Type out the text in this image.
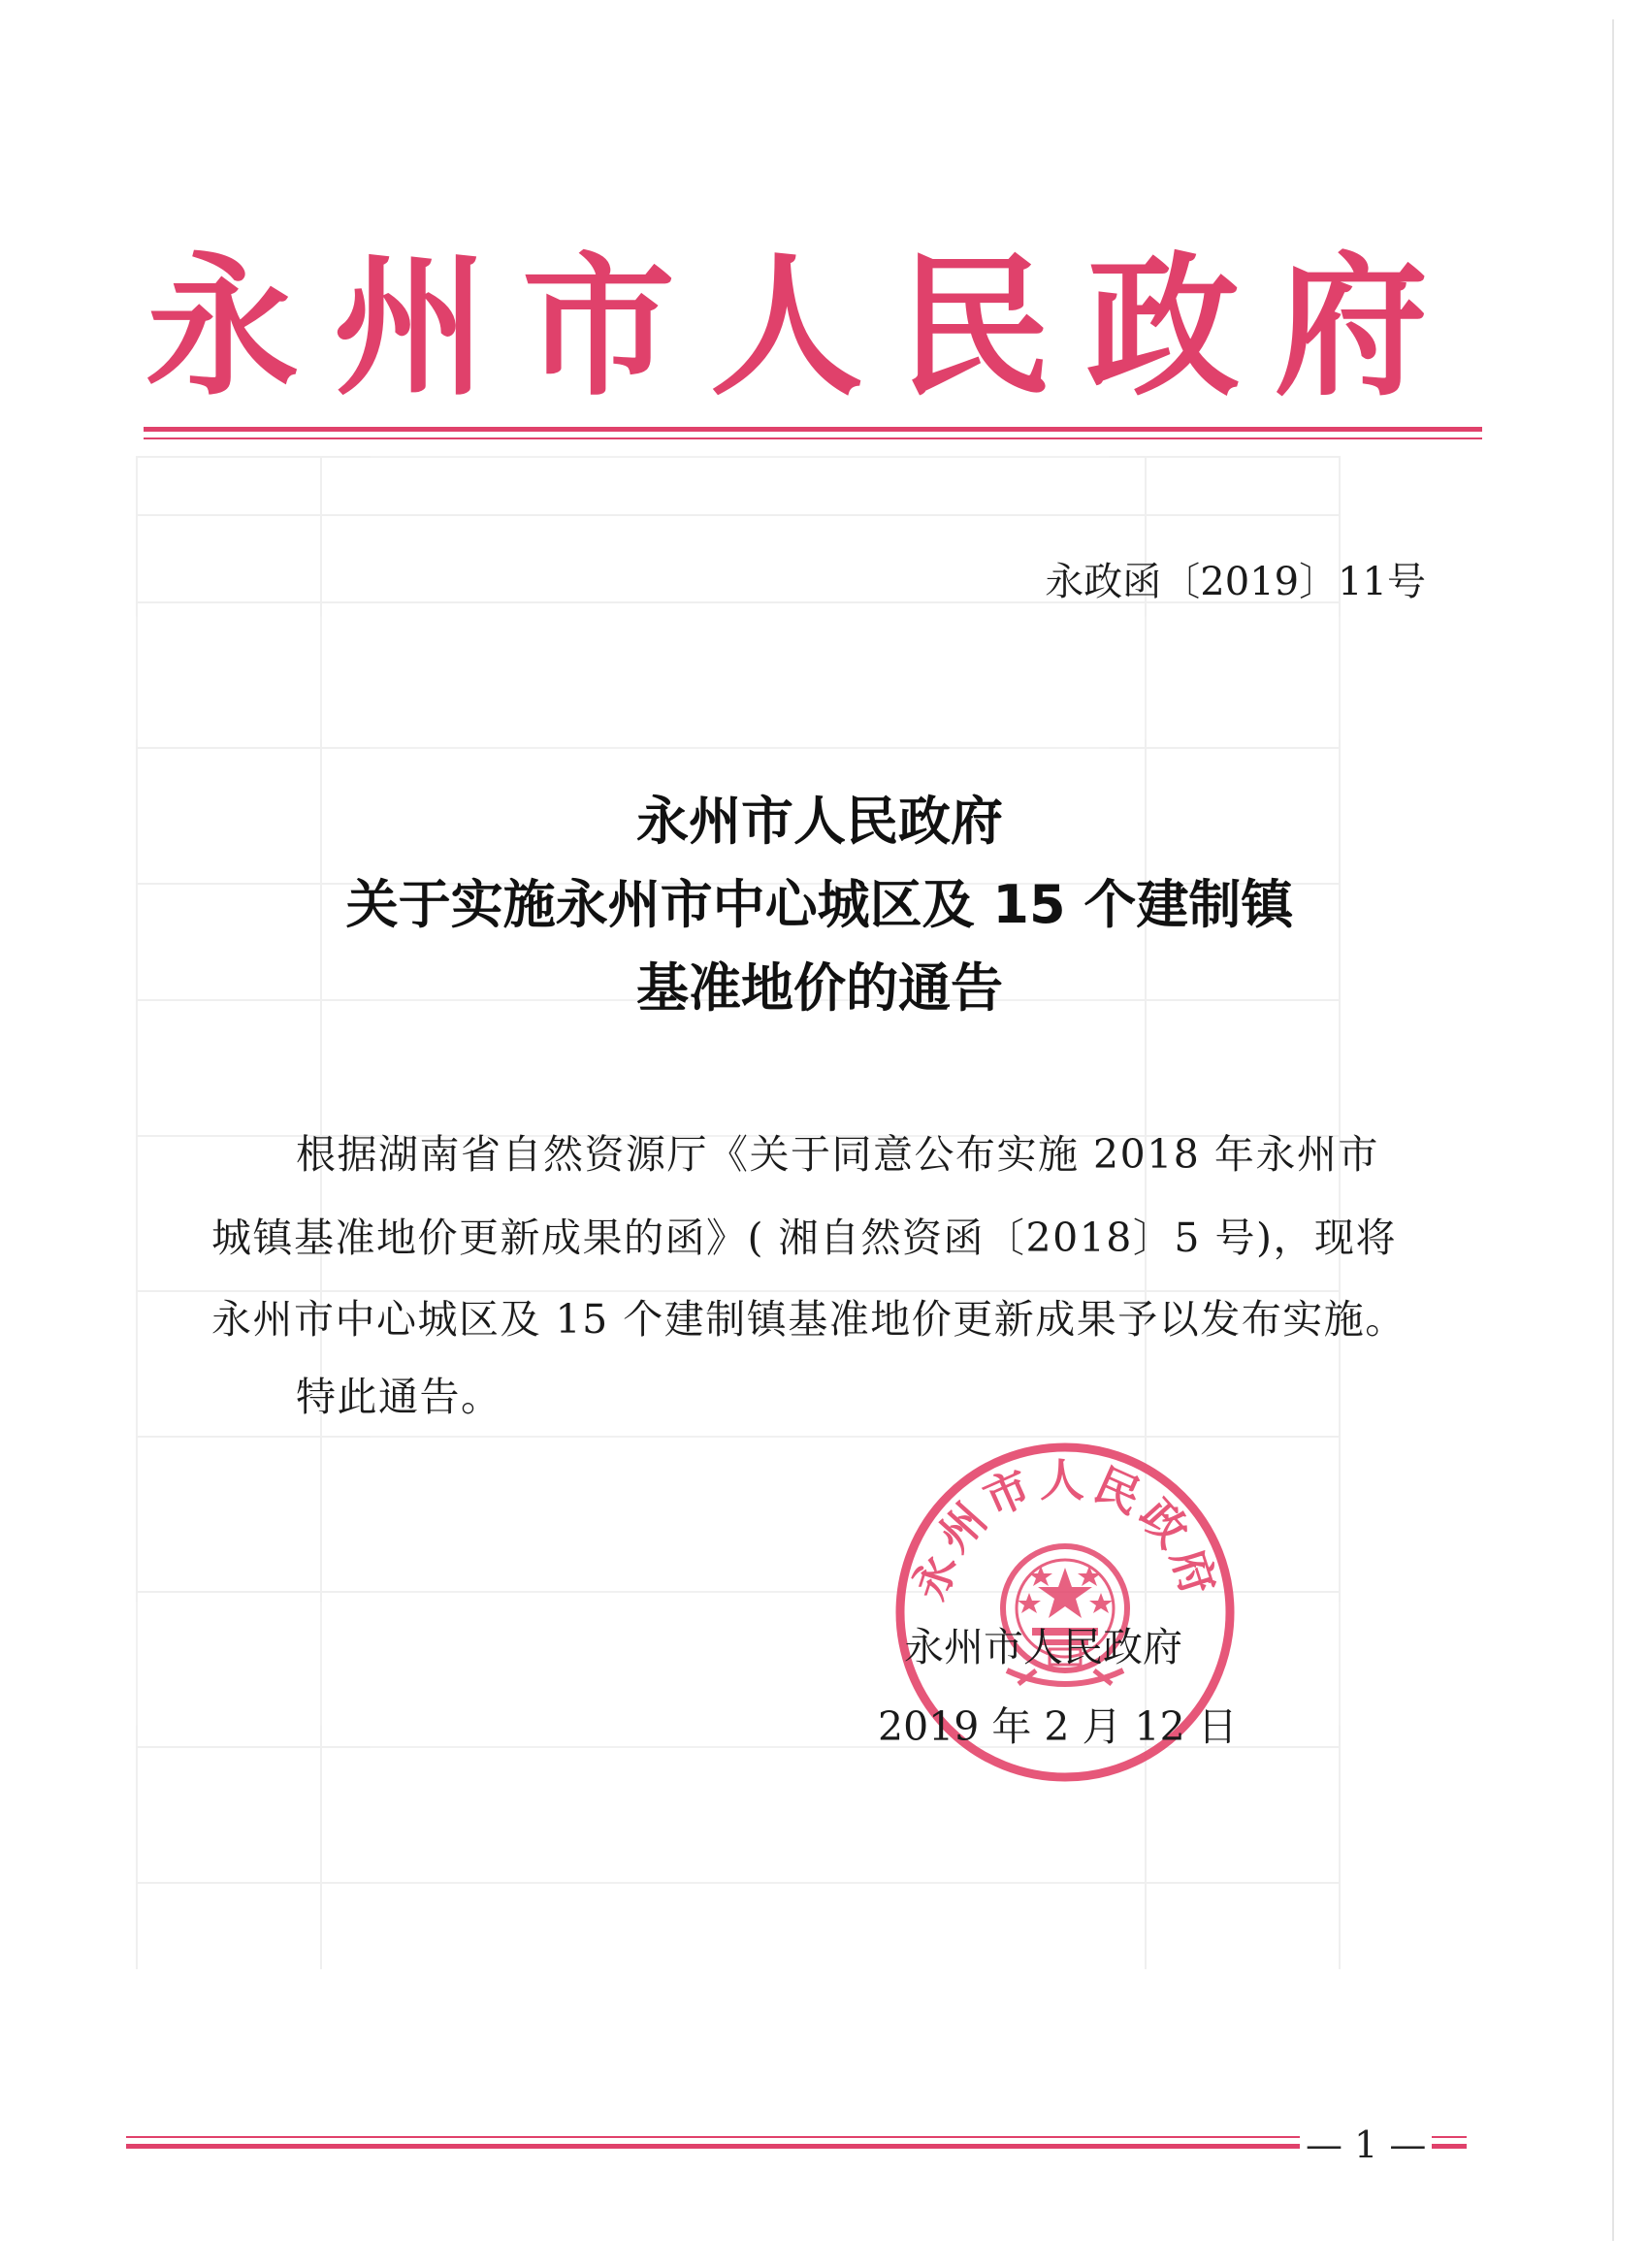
永州市人民政府
永政函〔2019〕11号
永州市人民政府
关于实施永州市中心城区及 15 个建制镇
基准地价的通告
根据湖南省自然资源厅《关于同意公布实施 2018 年永州市
城镇基准地价更新成果的函》( 湘自然资函〔2018〕5 号)，现将
永州市中心城区及 15 个建制镇基准地价更新成果予以发布实施。
特此通告。
永州市人民政府
永州市人民政府
2019 年 2 月 12 日
— 1 —
